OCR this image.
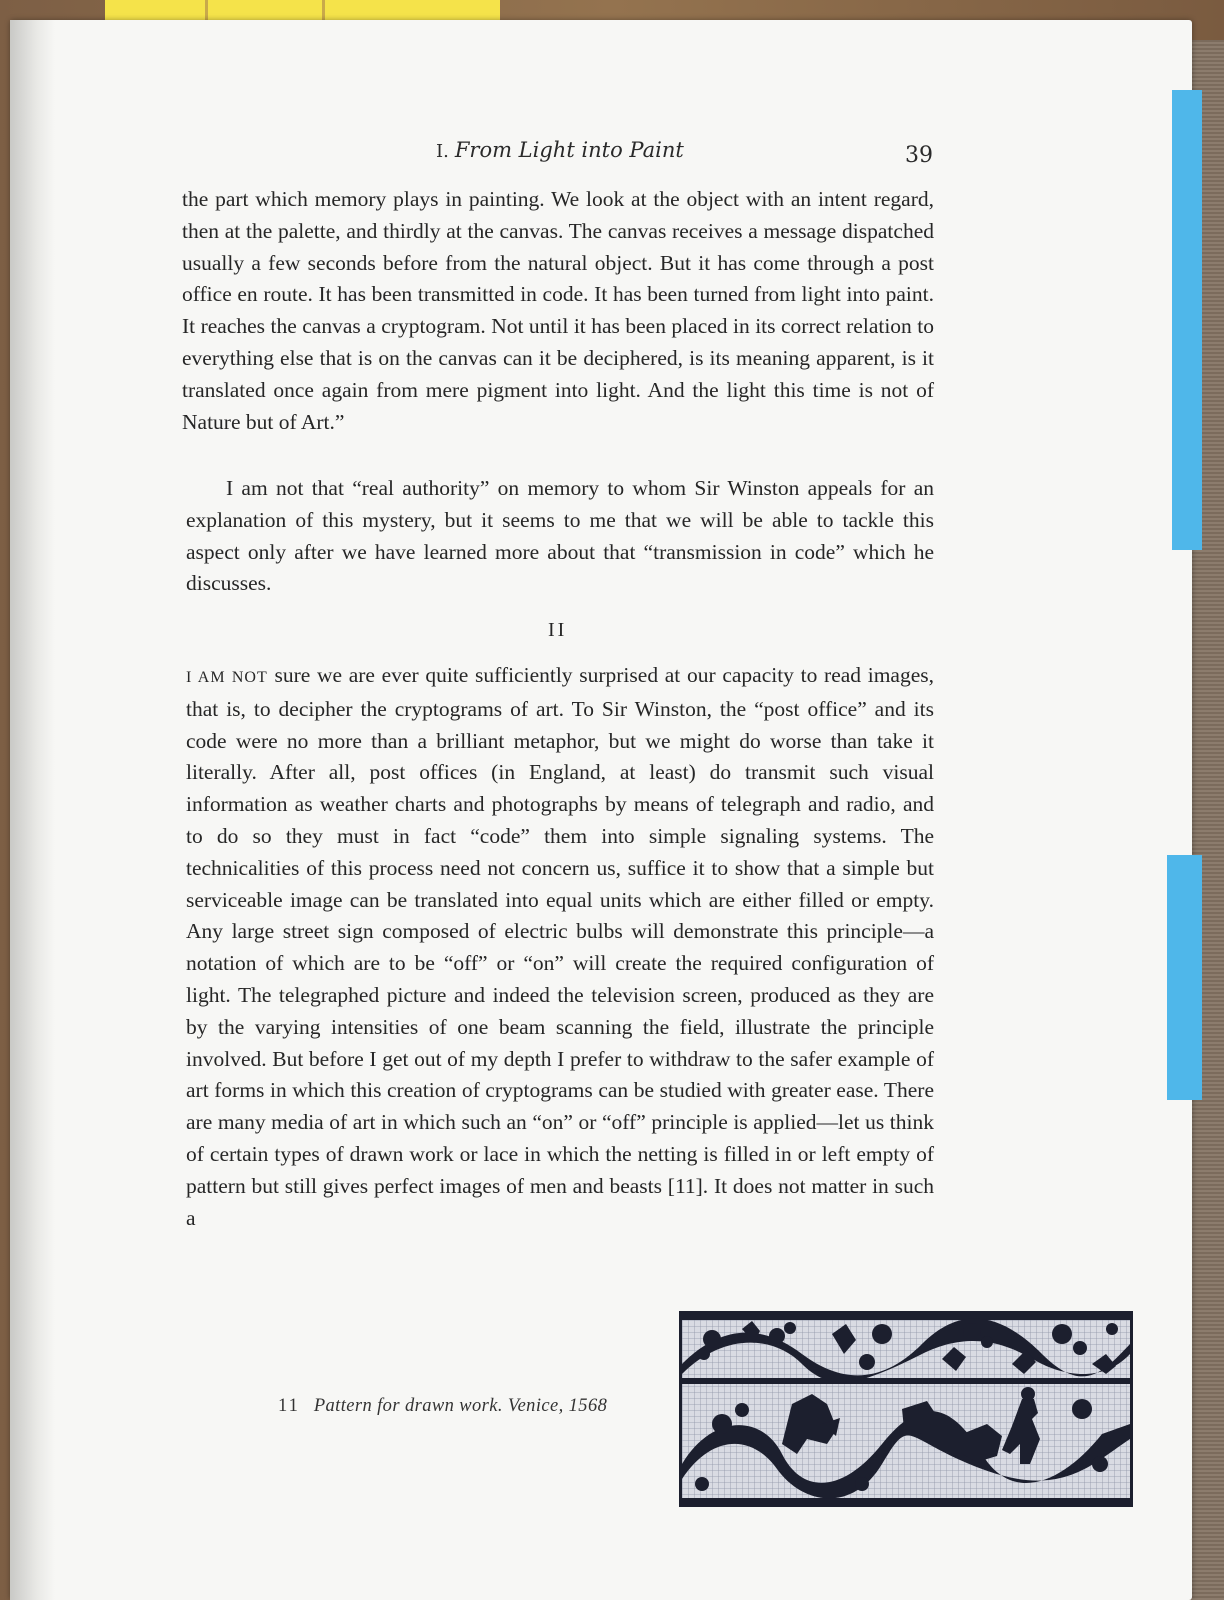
I. From Light into Paint	39

the part which memory plays in painting. We look at the object with an intent regard, then at the palette, and thirdly at the canvas. The canvas receives a message dispatched usually a few seconds before from the natural object. But it has come through a post office en route. It has been transmitted in code. It has been turned from light into paint. It reaches the canvas a cryptogram. Not until it has been placed in its correct relation to everything else that is on the canvas can it be deciphered, is its meaning apparent, is it translated once again from mere pigment into light. And the light this time is not of Nature but of Art.”

I am not that “real authority” on memory to whom Sir Winston appeals for an explanation of this mystery, but it seems to me that we will be able to tackle this aspect only after we have learned more about that “transmission in code” which he discusses.

II

I AM NOT sure we are ever quite sufficiently surprised at our capacity to read images, that is, to decipher the cryptograms of art. To Sir Winston, the “post office” and its code were no more than a brilliant metaphor, but we might do worse than take it literally. After all, post offices (in England, at least) do transmit such visual information as weather charts and photographs by means of telegraph and radio, and to do so they must in fact “code” them into simple signaling systems. The technicalities of this process need not concern us, suffice it to show that a simple but serviceable image can be translated into equal units which are either filled or empty. Any large street sign composed of electric bulbs will demonstrate this principle—a notation of which are to be “off” or “on” will create the required configuration of light. The telegraphed picture and indeed the television screen, produced as they are by the varying intensities of one beam scanning the field, illustrate the principle involved. But before I get out of my depth I prefer to withdraw to the safer example of art forms in which this creation of cryptograms can be studied with greater ease. There are many media of art in which such an “on” or “off” principle is applied—let us think of certain types of drawn work or lace in which the netting is filled in or left empty of pattern but still gives perfect images of men and beasts [11]. It does not matter in such a

11 Pattern for drawn work. Venice, 1568
